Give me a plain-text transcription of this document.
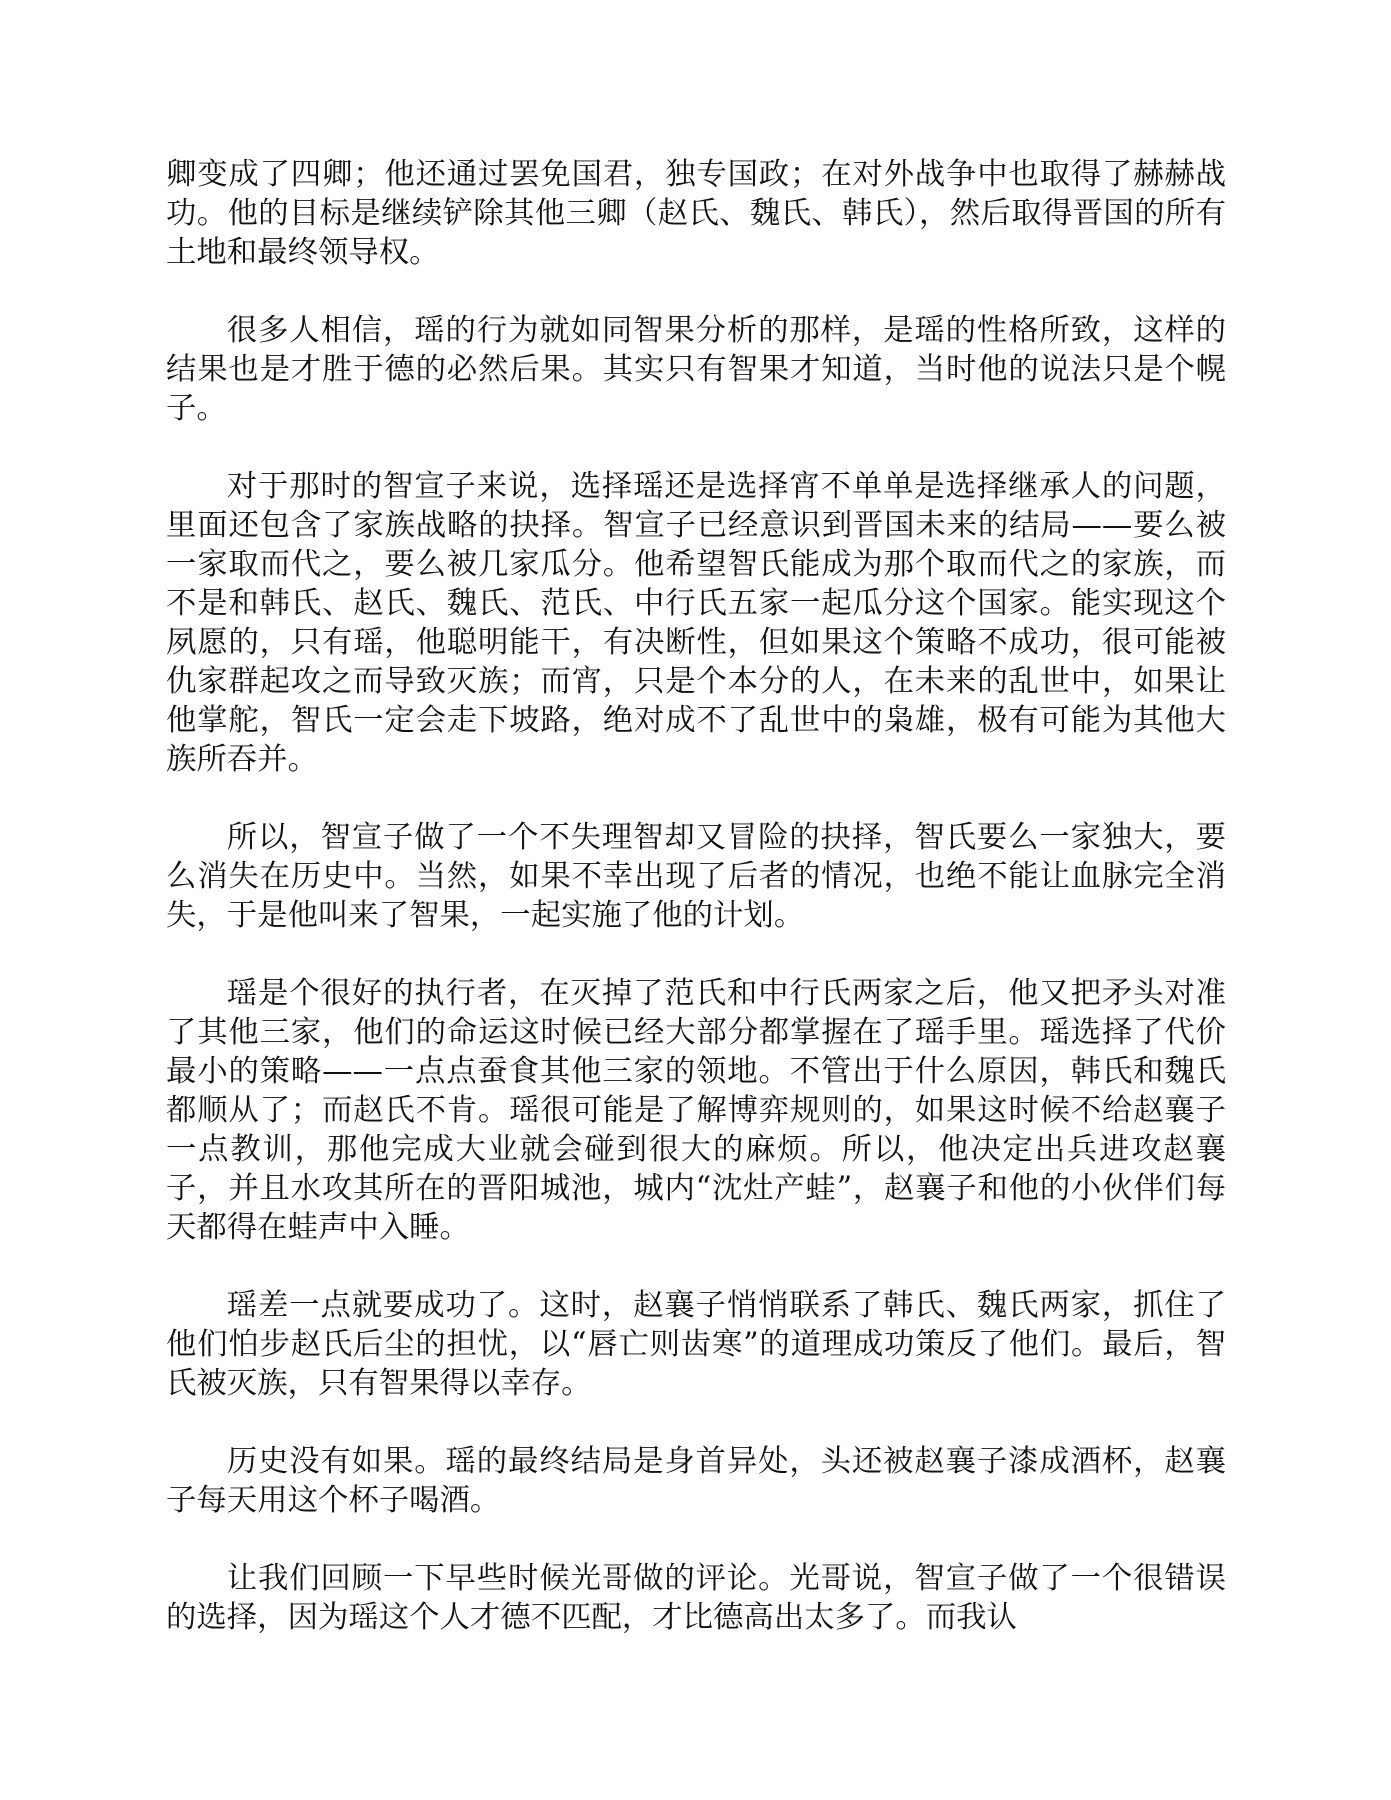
卿变成了四卿；他还通过罢免国君，独专国政；在对外战争中也取得了赫赫战功。他的目标是继续铲除其他三卿（赵氏、魏氏、韩氏），然后取得晋国的所有土地和最终领导权。

很多人相信，瑶的行为就如同智果分析的那样，是瑶的性格所致，这样的结果也是才胜于德的必然后果。其实只有智果才知道，当时他的说法只是个幌子。

对于那时的智宣子来说，选择瑶还是选择宵不单单是选择继承人的问题，里面还包含了家族战略的抉择。智宣子已经意识到晋国未来的结局——要么被一家取而代之，要么被几家瓜分。他希望智氏能成为那个取而代之的家族，而不是和韩氏、赵氏、魏氏、范氏、中行氏五家一起瓜分这个国家。能实现这个夙愿的，只有瑶，他聪明能干，有决断性，但如果这个策略不成功，很可能被仇家群起攻之而导致灭族；而宵，只是个本分的人，在未来的乱世中，如果让他掌舵，智氏一定会走下坡路，绝对成不了乱世中的枭雄，极有可能为其他大族所吞并。

所以，智宣子做了一个不失理智却又冒险的抉择，智氏要么一家独大，要么消失在历史中。当然，如果不幸出现了后者的情况，也绝不能让血脉完全消失，于是他叫来了智果，一起实施了他的计划。

瑶是个很好的执行者，在灭掉了范氏和中行氏两家之后，他又把矛头对准了其他三家，他们的命运这时候已经大部分都掌握在了瑶手里。瑶选择了代价最小的策略——一点点蚕食其他三家的领地。不管出于什么原因，韩氏和魏氏都顺从了；而赵氏不肯。瑶很可能是了解博弈规则的，如果这时候不给赵襄子一点教训，那他完成大业就会碰到很大的麻烦。所以，他决定出兵进攻赵襄子，并且水攻其所在的晋阳城池，城内“沈灶产蛙”，赵襄子和他的小伙伴们每天都得在蛙声中入睡。

瑶差一点就要成功了。这时，赵襄子悄悄联系了韩氏、魏氏两家，抓住了他们怕步赵氏后尘的担忧，以“唇亡则齿寒”的道理成功策反了他们。最后，智氏被灭族，只有智果得以幸存。

历史没有如果。瑶的最终结局是身首异处，头还被赵襄子漆成酒杯，赵襄子每天用这个杯子喝酒。

让我们回顾一下早些时候光哥做的评论。光哥说，智宣子做了一个很错误的选择，因为瑶这个人才德不匹配，才比德高出太多了。而我认
